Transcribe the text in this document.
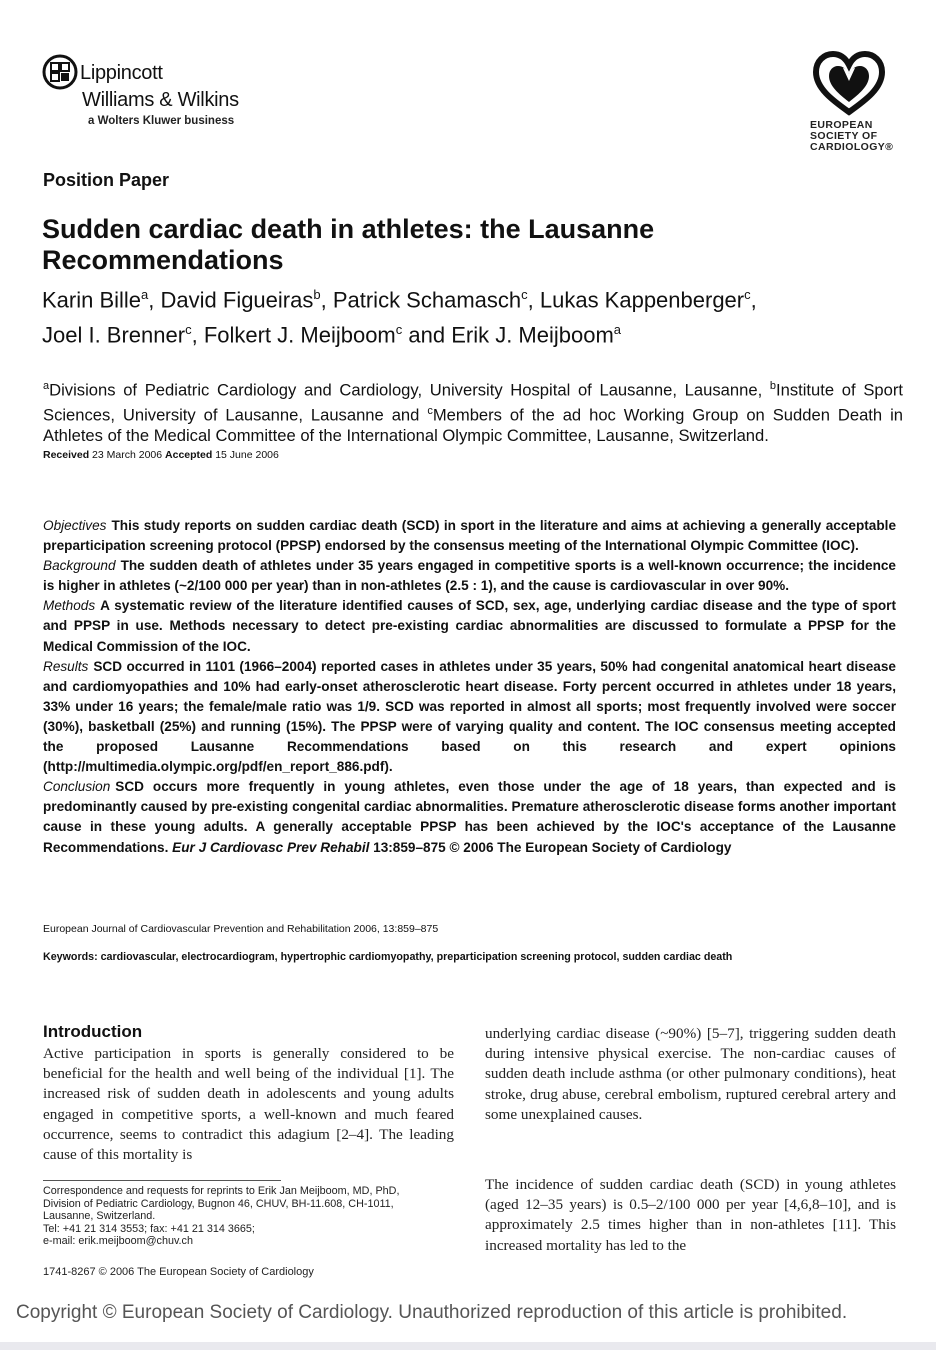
Lippincott
Williams & Wilkins
a Wolters Kluwer business	EUROPEAN
SOCIETY OF
CARDIOLOGY®
Position Paper
Sudden cardiac death in athletes: the Lausanne Recommendations
Karin Bille$^a$, David Figueiras$^b$, Patrick Schamasch$^c$, Lukas Kappenberger$^c$,
Joel I. Brenner$^c$, Folkert J. Meijboom$^c$ and Erik J. Meijboom$^a$
$^a$Divisions of Pediatric Cardiology and Cardiology, University Hospital of Lausanne, Lausanne, $^b$Institute of Sport Sciences, University of Lausanne, Lausanne and $^c$Members of the ad hoc Working Group on Sudden Death in Athletes of the Medical Committee of the International Olympic Committee, Lausanne, Switzerland.
Received 23 March 2006 Accepted 15 June 2006

Objectives This study reports on sudden cardiac death (SCD) in sport in the literature and aims at achieving a generally acceptable preparticipation screening protocol (PPSP) endorsed by the consensus meeting of the International Olympic Committee (IOC).

Background The sudden death of athletes under 35 years engaged in competitive sports is a well-known occurrence; the incidence is higher in athletes (~2/100 000 per year) than in non-athletes (2.5 : 1), and the cause is cardiovascular in over 90%.

Methods A systematic review of the literature identified causes of SCD, sex, age, underlying cardiac disease and the type of sport and PPSP in use. Methods necessary to detect pre-existing cardiac abnormalities are discussed to formulate a PPSP for the Medical Commission of the IOC.

Results SCD occurred in 1101 (1966–2004) reported cases in athletes under 35 years, 50% had congenital anatomical heart disease and cardiomyopathies and 10% had early-onset atherosclerotic heart disease. Forty percent occurred in athletes under 18 years, 33% under 16 years; the female/male ratio was 1/9. SCD was reported in almost all sports; most frequently involved were soccer (30%), basketball (25%) and running (15%). The PPSP were of varying quality and content. The IOC consensus meeting accepted the proposed Lausanne Recommendations based on this research and expert opinions (http://multimedia.olympic.org/pdf/en_report_886.pdf).

Conclusion SCD occurs more frequently in young athletes, even those under the age of 18 years, than expected and is predominantly caused by pre-existing congenital cardiac abnormalities. Premature atherosclerotic disease forms another important cause in these young adults. A generally acceptable PPSP has been achieved by the IOC's acceptance of the Lausanne Recommendations. Eur J Cardiovasc Prev Rehabil 13:859–875 © 2006 The European Society of Cardiology

European Journal of Cardiovascular Prevention and Rehabilitation 2006, 13:859–875
Keywords: cardiovascular, electrocardiogram, hypertrophic cardiomyopathy, preparticipation screening protocol, sudden cardiac death
Introduction

Active participation in sports is generally considered to be beneficial for the health and well being of the individual [1]. The increased risk of sudden death in adolescents and young adults engaged in competitive sports, a well-known and much feared occurrence, seems to contradict this adagium [2–4]. The leading cause of this mortality is

underlying cardiac disease (~90%) [5–7], triggering sudden death during intensive physical exercise. The non-cardiac causes of sudden death include asthma (or other pulmonary conditions), heat stroke, drug abuse, cerebral embolism, ruptured cerebral artery and some unexplained causes.

The incidence of sudden cardiac death (SCD) in young athletes (aged 12–35 years) is 0.5–2/100 000 per year [4,6,8–10], and is approximately 2.5 times higher than in non-athletes [11]. This increased mortality has led to the

Correspondence and requests for reprints to Erik Jan Meijboom, MD, PhD,
Division of Pediatric Cardiology, Bugnon 46, CHUV, BH-11.608, CH-1011,
Lausanne, Switzerland.
Tel: +41 21 314 3553; fax: +41 21 314 3665;
e-mail: erik.meijboom@chuv.ch
1741-8267 © 2006 The European Society of Cardiology
Copyright © European Society of Cardiology. Unauthorized reproduction of this article is prohibited.
